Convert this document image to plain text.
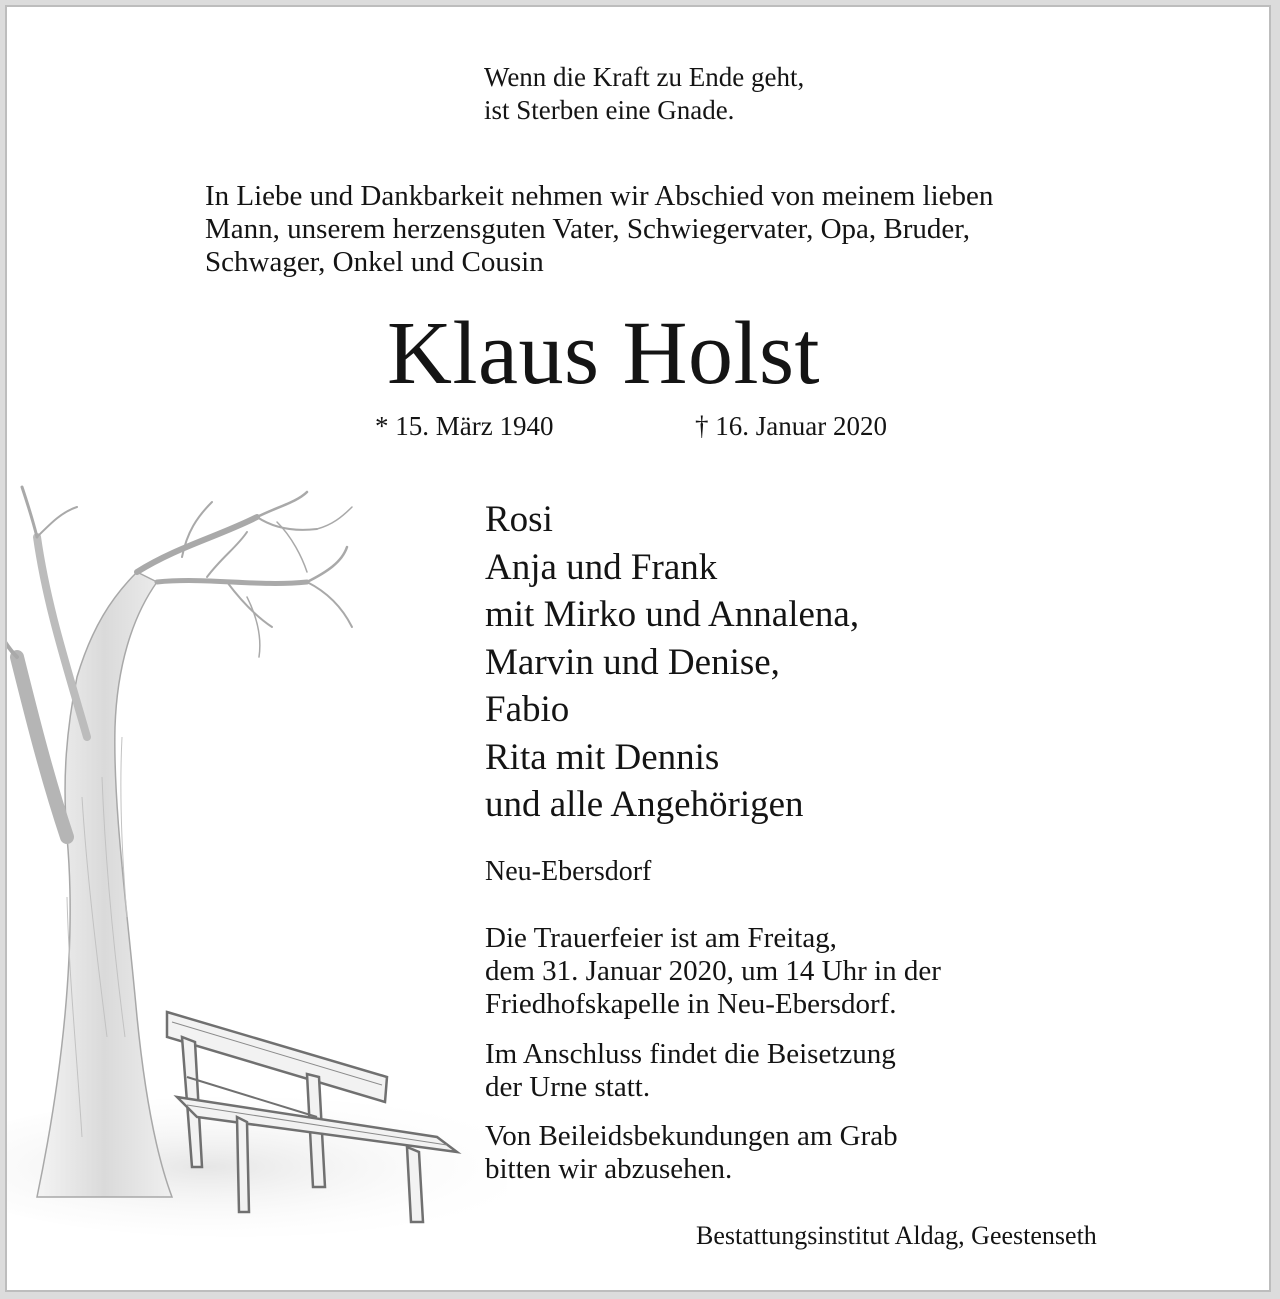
Wenn die Kraft zu Ende geht,
ist Sterben eine Gnade.
In Liebe und Dankbarkeit nehmen wir Abschied von meinem lieben
Mann, unserem herzensguten Vater, Schwiegervater, Opa, Bruder,
Schwager, Onkel und Cousin
Klaus Holst
* 15. März 1940	† 16. Januar 2020
Rosi
Anja und Frank
mit Mirko und Annalena,
Marvin und Denise,
Fabio
Rita mit Dennis
und alle Angehörigen
Neu-Ebersdorf
Die Trauerfeier ist am Freitag,
dem 31. Januar 2020, um 14 Uhr in der
Friedhofskapelle in Neu-Ebersdorf.
Im Anschluss findet die Beisetzung
der Urne statt.
Von Beileidsbekundungen am Grab
bitten wir abzusehen.
Bestattungsinstitut Aldag, Geestenseth
